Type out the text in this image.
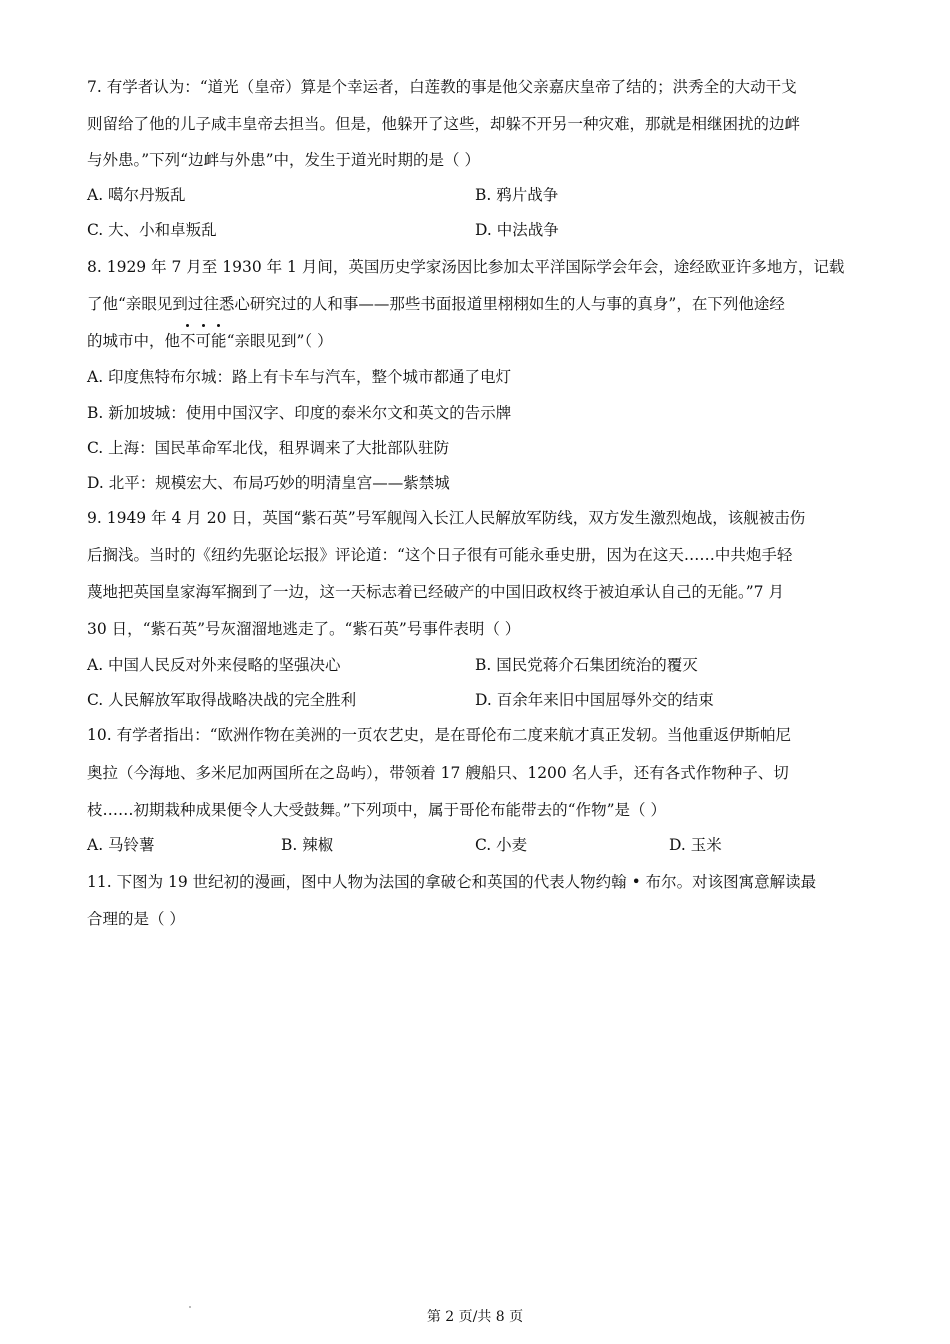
7. 有学者认为：“道光（皇帝）算是个幸运者，白莲教的事是他父亲嘉庆皇帝了结的；洪秀全的大动干戈
则留给了他的儿子咸丰皇帝去担当。但是，他躲开了这些，却躲不开另一种灾难，那就是相继困扰的边衅
与外患。”下列“边衅与外患”中，发生于道光时期的是（ ）
A. 噶尔丹叛乱	B. 鸦片战争
C. 大、小和卓叛乱	D. 中法战争
8. 1929 年 7 月至 1930 年 1 月间，英国历史学家汤因比参加太平洋国际学会年会，途经欧亚许多地方，记载
了他“亲眼见到过往悉心研究过的人和事——那些书面报道里栩栩如生的人与事的真身”，在下列他途经
的城市中，他不可能“亲眼见到”（ ）
A. 印度焦特布尔城：路上有卡车与汽车，整个城市都通了电灯
B. 新加坡城：使用中国汉字、印度的泰米尔文和英文的告示牌
C. 上海：国民革命军北伐，租界调来了大批部队驻防
D. 北平：规模宏大、布局巧妙的明清皇宫——紫禁城
9. 1949 年 4 月 20 日，英国“紫石英”号军舰闯入长江人民解放军防线，双方发生激烈炮战，该舰被击伤
后搁浅。当时的《纽约先驱论坛报》评论道：“这个日子很有可能永垂史册，因为在这天……中共炮手轻
蔑地把英国皇家海军搁到了一边，这一天标志着已经破产的中国旧政权终于被迫承认自己的无能。”7 月
30 日，“紫石英”号灰溜溜地逃走了。“紫石英”号事件表明（ ）
A. 中国人民反对外来侵略的坚强决心	B. 国民党蒋介石集团统治的覆灭
C. 人民解放军取得战略决战的完全胜利	D. 百余年来旧中国屈辱外交的结束
10. 有学者指出：“欧洲作物在美洲的一页农艺史，是在哥伦布二度来航才真正发轫。当他重返伊斯帕尼
奥拉（今海地、多米尼加两国所在之岛屿），带领着 17 艘船只、1200 名人手，还有各式作物种子、切
枝……初期栽种成果便令人大受鼓舞。”下列项中，属于哥伦布能带去的“作物”是（ ）
A. 马铃薯	B. 辣椒	C. 小麦	D. 玉米
11. 下图为 19 世纪初的漫画，图中人物为法国的拿破仑和英国的代表人物约翰 • 布尔。对该图寓意解读最
合理的是（ ）
第 2 页/共 8 页
